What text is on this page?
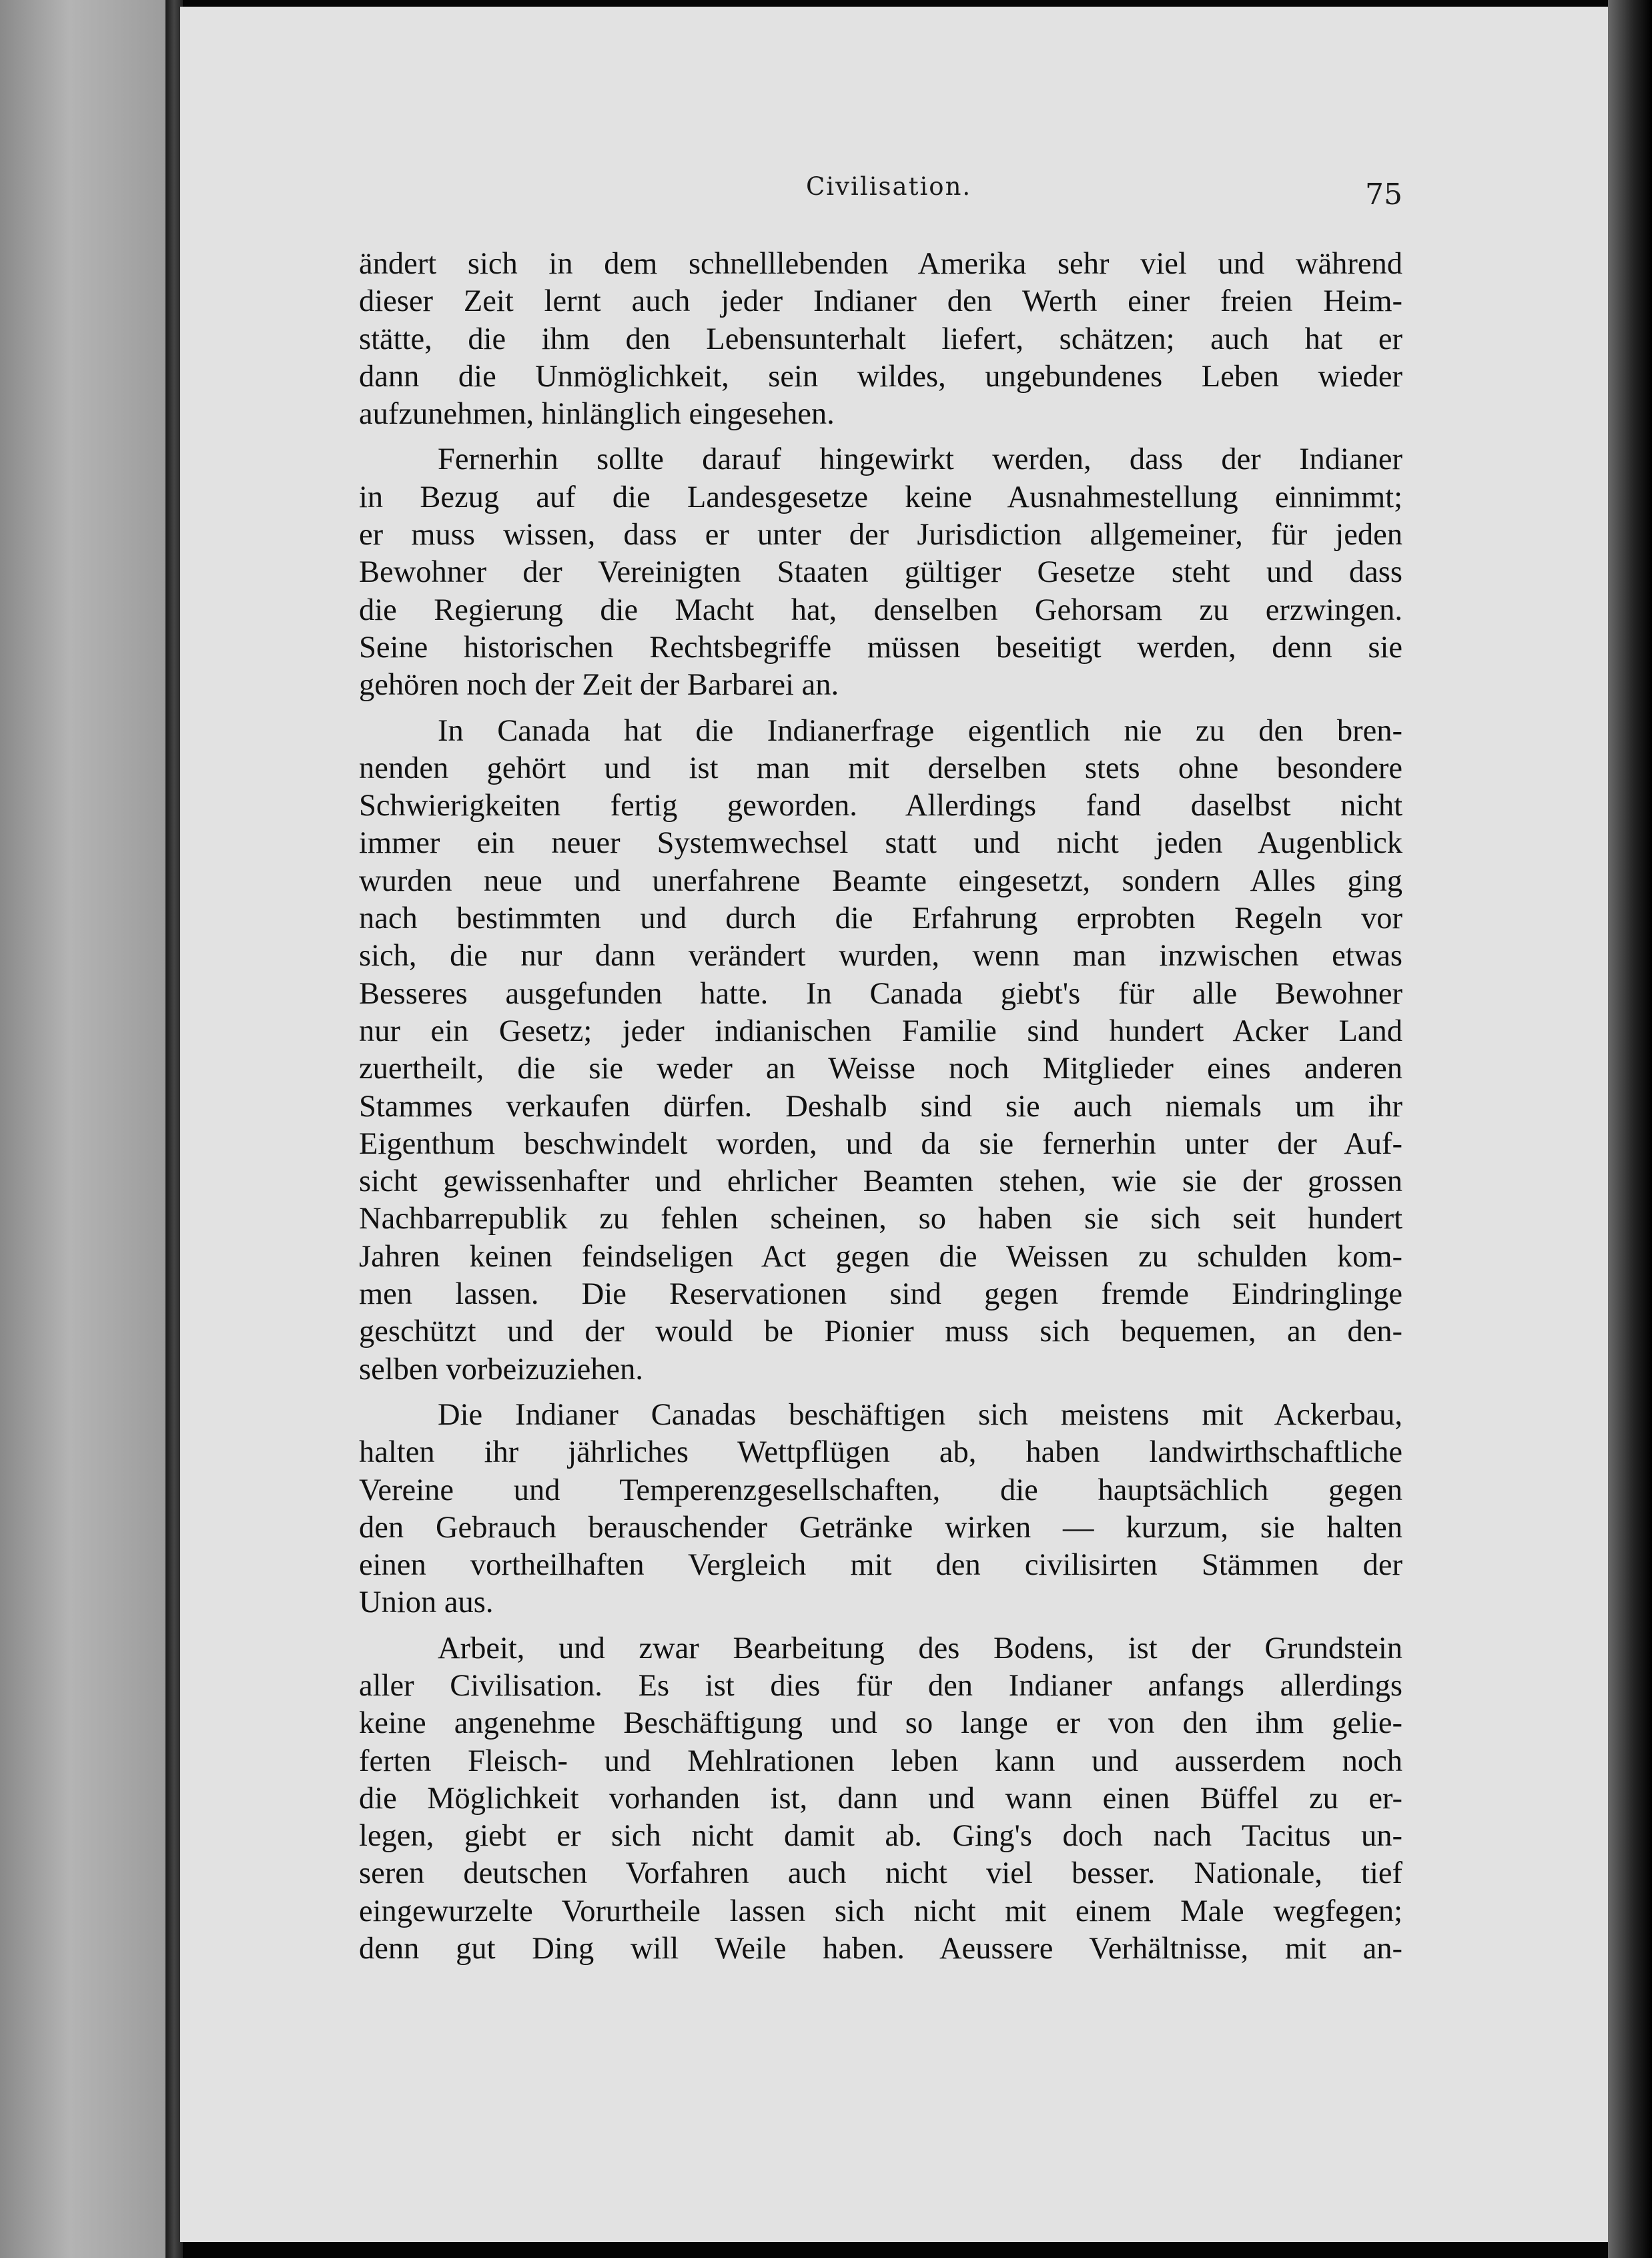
Civilisation.	75
ändert sich in dem schnelllebenden Amerika sehr viel und während
dieser Zeit lernt auch jeder Indianer den Werth einer freien Heim-
stätte, die ihm den Lebensunterhalt liefert, schätzen; auch hat er
dann die Unmöglichkeit, sein wildes, ungebundenes Leben wieder
aufzunehmen, hinlänglich eingesehen.
Fernerhin sollte darauf hingewirkt werden, dass der Indianer
in Bezug auf die Landesgesetze keine Ausnahmestellung einnimmt;
er muss wissen, dass er unter der Jurisdiction allgemeiner, für jeden
Bewohner der Vereinigten Staaten gültiger Gesetze steht und dass
die Regierung die Macht hat, denselben Gehorsam zu erzwingen.
Seine historischen Rechtsbegriffe müssen beseitigt werden, denn sie
gehören noch der Zeit der Barbarei an.
In Canada hat die Indianerfrage eigentlich nie zu den bren-
nenden gehört und ist man mit derselben stets ohne besondere
Schwierigkeiten fertig geworden. Allerdings fand daselbst nicht
immer ein neuer Systemwechsel statt und nicht jeden Augenblick
wurden neue und unerfahrene Beamte eingesetzt, sondern Alles ging
nach bestimmten und durch die Erfahrung erprobten Regeln vor
sich, die nur dann verändert wurden, wenn man inzwischen etwas
Besseres ausgefunden hatte. In Canada giebt's für alle Bewohner
nur ein Gesetz; jeder indianischen Familie sind hundert Acker Land
zuertheilt, die sie weder an Weisse noch Mitglieder eines anderen
Stammes verkaufen dürfen. Deshalb sind sie auch niemals um ihr
Eigenthum beschwindelt worden, und da sie fernerhin unter der Auf-
sicht gewissenhafter und ehrlicher Beamten stehen, wie sie der grossen
Nachbarrepublik zu fehlen scheinen, so haben sie sich seit hundert
Jahren keinen feindseligen Act gegen die Weissen zu schulden kom-
men lassen. Die Reservationen sind gegen fremde Eindringlinge
geschützt und der would be Pionier muss sich bequemen, an den-
selben vorbeizuziehen.
Die Indianer Canadas beschäftigen sich meistens mit Ackerbau,
halten ihr jährliches Wettpflügen ab, haben landwirthschaftliche
Vereine und Temperenzgesellschaften, die hauptsächlich gegen
den Gebrauch berauschender Getränke wirken — kurzum, sie halten
einen vortheilhaften Vergleich mit den civilisirten Stämmen der
Union aus.
Arbeit, und zwar Bearbeitung des Bodens, ist der Grundstein
aller Civilisation. Es ist dies für den Indianer anfangs allerdings
keine angenehme Beschäftigung und so lange er von den ihm gelie-
ferten Fleisch- und Mehlrationen leben kann und ausserdem noch
die Möglichkeit vorhanden ist, dann und wann einen Büffel zu er-
legen, giebt er sich nicht damit ab. Ging's doch nach Tacitus un-
seren deutschen Vorfahren auch nicht viel besser. Nationale, tief
eingewurzelte Vorurtheile lassen sich nicht mit einem Male wegfegen;
denn gut Ding will Weile haben. Aeussere Verhältnisse, mit an-
